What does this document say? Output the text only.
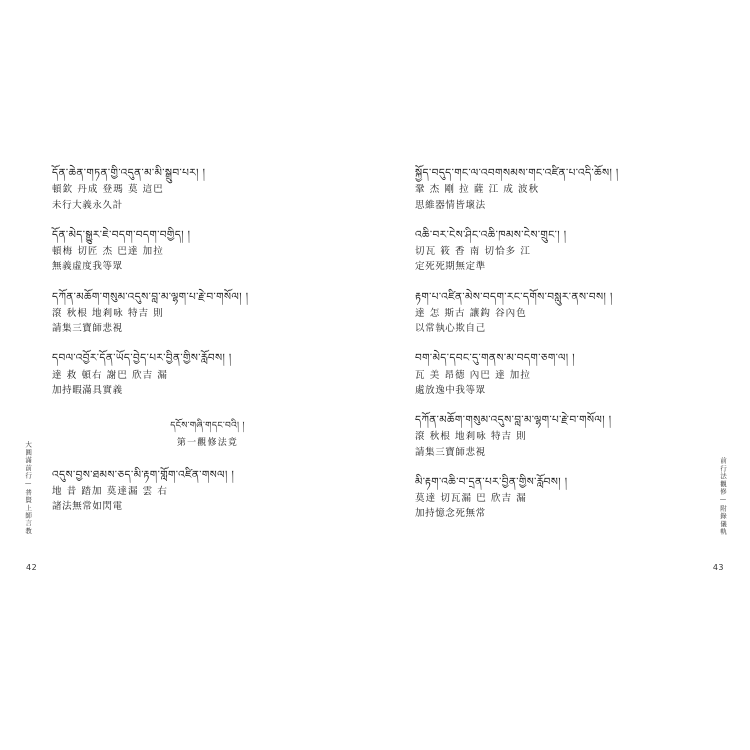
དོན་ཆེན་གཏན་གྱི་འདུན་མ་མི་སྒྲུབ་པར། །
頓欽 丹成 登瑪 莫 這巴
未行大義永久計
དོན་མེད་སྒྱུར་ཇེ་བདག་བདག་བགྱིད། །
頓梅 切匠 杰 巴達 加拉
無義虛度我等眾
དཀོན་མཆོག་གསུམ་འདུས་བླ་མ་ལྷག་པ་རྗེ་བ་གསོལ། །
滾 秋根 地剎咏 特吉 則
請集三寶師悲視
དབལ་འབྱོར་དོན་ཡོད་བྱེད་པར་བྱིན་གྱིས་རློབས། །
達 救 頓右 謝巴 欣吉 漏
加持暇滿具實義
དངོས་གཞི་གདང་བའི། །
第一觀修法竟
འདུས་བྱས་ཐམས་ཅད་མི་རྟག་གློག་འཛིན་གསལ། །
地 昔 踏加 莫達漏 雲 右
諸法無常如閃電
大圓滿前行—普賢上師言教
42
སྐྱོད་བདུད་གང་ལ་འབགསམས་གང་འཛིན་པ་འདི་ཆོས། །
鞏 杰 剛 拉 薩 江 成 波秋
思維器情皆壞法
འཆི་བར་ངེས་ཤིང་འཆི་ཁམས་ངེས་གྲུང་། །
切瓦 筱 香 南 切恰多 江
定死死期無定準
རྟག་པ་འཛིན་མེས་བདག་རང་དགོས་བསླུར་ནས་བས། །
達 怎 斯古 讓鈎 谷內色
以常執心欺自己
བག་མེད་དབང་དུ་གནས་མ་བདག་ཅག་ལ། །
瓦 美 昂德 內巴 達 加拉
處放逸中我等眾
དཀོན་མཆོག་གསུམ་འདུས་བླ་མ་ལྷག་པ་རྗེ་བ་གསོལ། །
滾 秋根 地剎咏 特吉 則
請集三寶師悲視
མི་རྟག་འཆི་བ་དྲན་པར་བྱིན་གྱིས་རློབས། །
莫達 切瓦漏 巴 欣吉 漏
加持憶念死無常	前行法觀修—附錄儀軌
43
